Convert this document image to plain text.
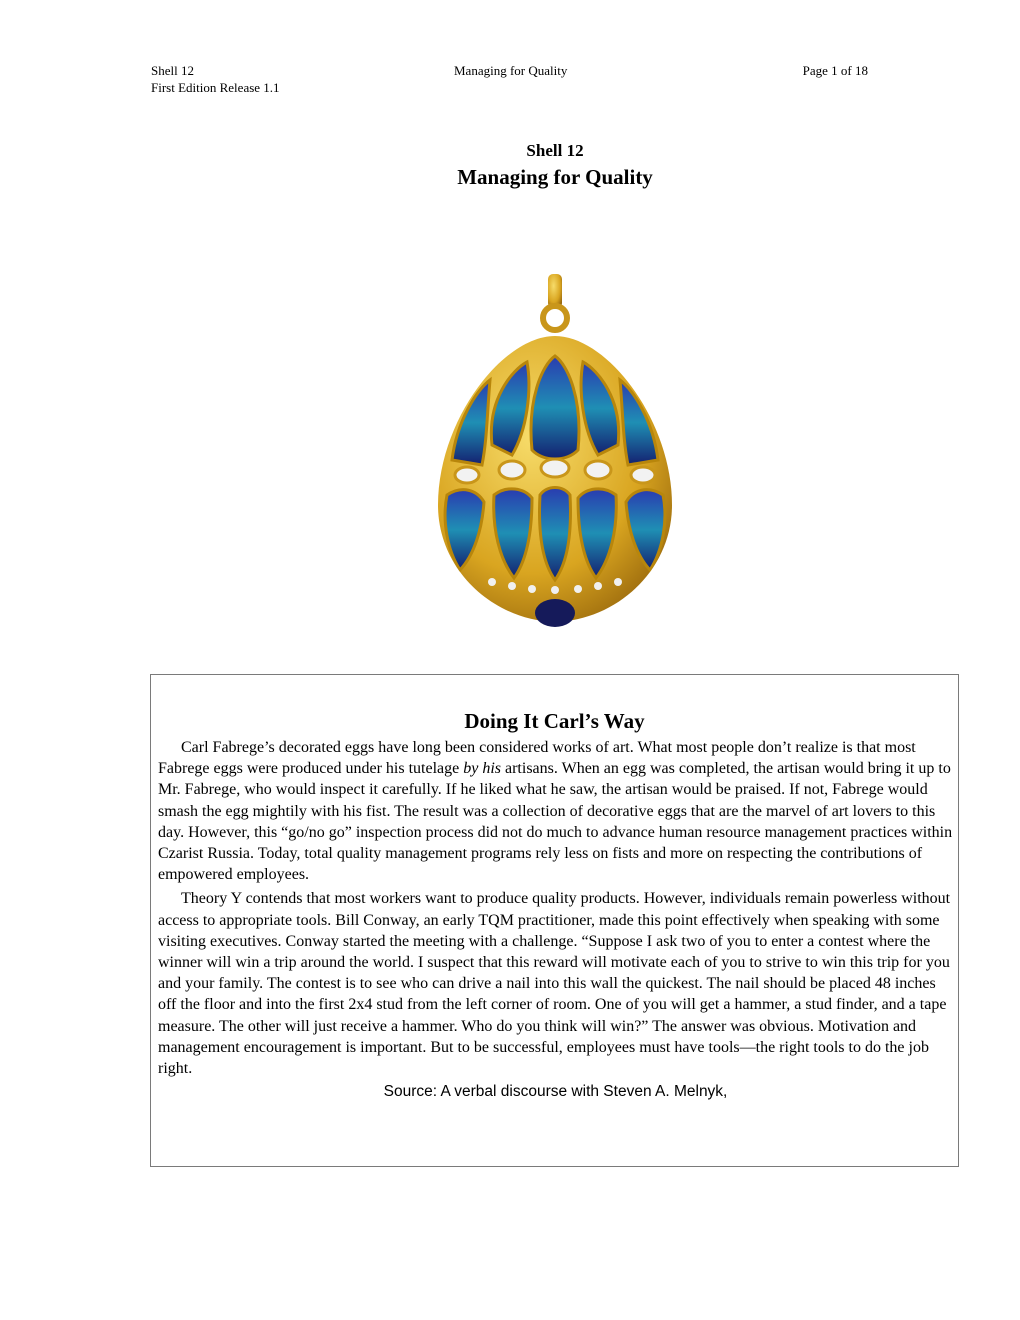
Shell 12	Managing for Quality	Page 1 of 18
First Edition Release 1.1
Shell 12
Managing for Quality
Doing It Carl’s Way

Carl Fabrege’s decorated eggs have long been considered works of art. What most people don’t realize is that most Fabrege eggs were produced under his tutelage by his artisans. When an egg was completed, the artisan would bring it up to Mr. Fabrege, who would inspect it carefully. If he liked what he saw, the artisan would be praised. If not, Fabrege would smash the egg mightily with his fist. The result was a collection of decorative eggs that are the marvel of art lovers to this day. However, this “go/no go” inspection process did not do much to advance human resource management practices within Czarist Russia. Today, total quality management programs rely less on fists and more on respecting the contributions of empowered employees.

Theory Y contends that most workers want to produce quality products. However, individuals remain powerless without access to appropriate tools. Bill Conway, an early TQM practitioner, made this point effectively when speaking with some visiting executives. Conway started the meeting with a challenge. “Suppose I ask two of you to enter a contest where the winner will win a trip around the world. I suspect that this reward will motivate each of you to strive to win this trip for you and your family. The contest is to see who can drive a nail into this wall the quickest. The nail should be placed 48 inches off the floor and into the first 2x4 stud from the left corner of room. One of you will get a hammer, a stud finder, and a tape measure. The other will just receive a hammer. Who do you think will win?” The answer was obvious. Motivation and management encouragement is important. But to be successful, employees must have tools—the right tools to do the job right.

Source: A verbal discourse with Steven A. Melnyk,
